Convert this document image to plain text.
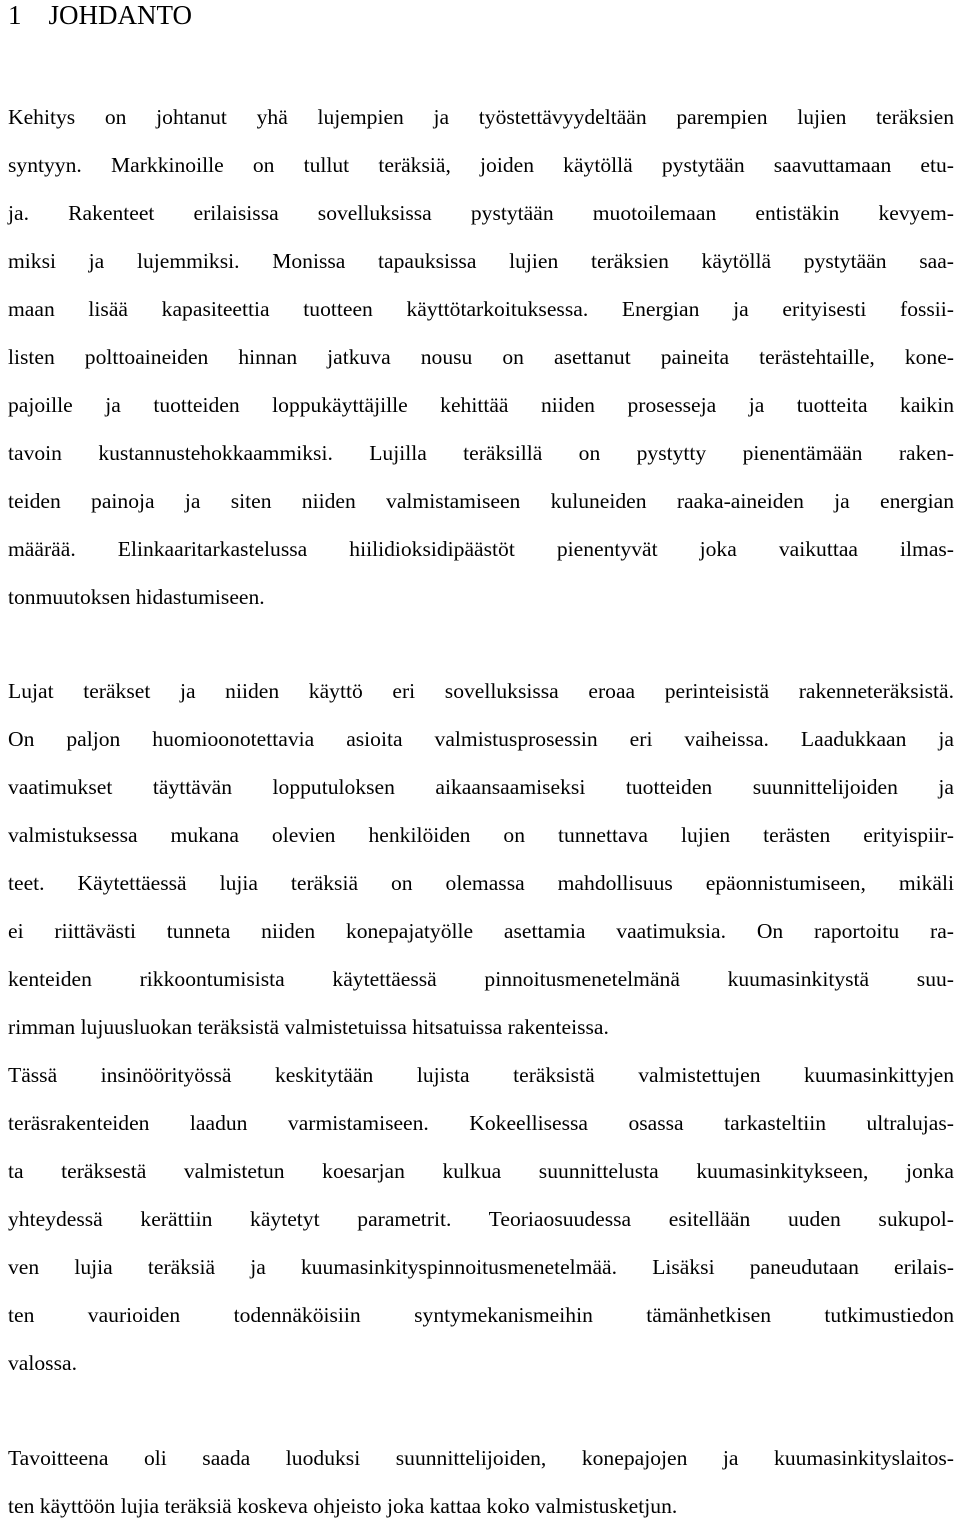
1 JOHDANTO

Kehitys on johtanut yhä lujempien ja työstettävyydeltään parempien lujien teräksien
syntyyn. Markkinoille on tullut teräksiä, joiden käytöllä pystytään saavuttamaan etu-
ja. Rakenteet erilaisissa sovelluksissa pystytään muotoilemaan entistäkin kevyem-
miksi ja lujemmiksi. Monissa tapauksissa lujien teräksien käytöllä pystytään saa-
maan lisää kapasiteettia tuotteen käyttötarkoituksessa. Energian ja erityisesti fossii-
listen polttoaineiden hinnan jatkuva nousu on asettanut paineita terästehtaille, kone-
pajoille ja tuotteiden loppukäyttäjille kehittää niiden prosesseja ja tuotteita kaikin
tavoin kustannustehokkaammiksi. Lujilla teräksillä on pystytty pienentämään raken-
teiden painoja ja siten niiden valmistamiseen kuluneiden raaka-aineiden ja energian
määrää. Elinkaaritarkastelussa hiilidioksidipäästöt pienentyvät joka vaikuttaa ilmas-
tonmuutoksen hidastumiseen.

Lujat teräkset ja niiden käyttö eri sovelluksissa eroaa perinteisistä rakenneteräksistä.
On paljon huomioonotettavia asioita valmistusprosessin eri vaiheissa. Laadukkaan ja
vaatimukset täyttävän lopputuloksen aikaansaamiseksi tuotteiden suunnittelijoiden ja
valmistuksessa mukana olevien henkilöiden on tunnettava lujien terästen erityispiir-
teet. Käytettäessä lujia teräksiä on olemassa mahdollisuus epäonnistumiseen, mikäli
ei riittävästi tunneta niiden konepajatyölle asettamia vaatimuksia. On raportoitu ra-
kenteiden rikkoontumisista käytettäessä pinnoitusmenetelmänä kuumasinkitystä suu-
rimman lujuusluokan teräksistä valmistetuissa hitsatuissa rakenteissa.
Tässä insinöörityössä keskitytään lujista teräksistä valmistettujen kuumasinkittyjen
teräsrakenteiden laadun varmistamiseen. Kokeellisessa osassa tarkasteltiin ultralujas-
ta teräksestä valmistetun koesarjan kulkua suunnittelusta kuumasinkitykseen, jonka
yhteydessä kerättiin käytetyt parametrit. Teoriaosuudessa esitellään uuden sukupol-
ven lujia teräksiä ja kuumasinkityspinnoitusmenetelmää. Lisäksi paneudutaan erilais-
ten vaurioiden todennäköisiin syntymekanismeihin tämänhetkisen tutkimustiedon
valossa.

Tavoitteena oli saada luoduksi suunnittelijoiden, konepajojen ja kuumasinkityslaitos-
ten käyttöön lujia teräksiä koskeva ohjeisto joka kattaa koko valmistusketjun.
